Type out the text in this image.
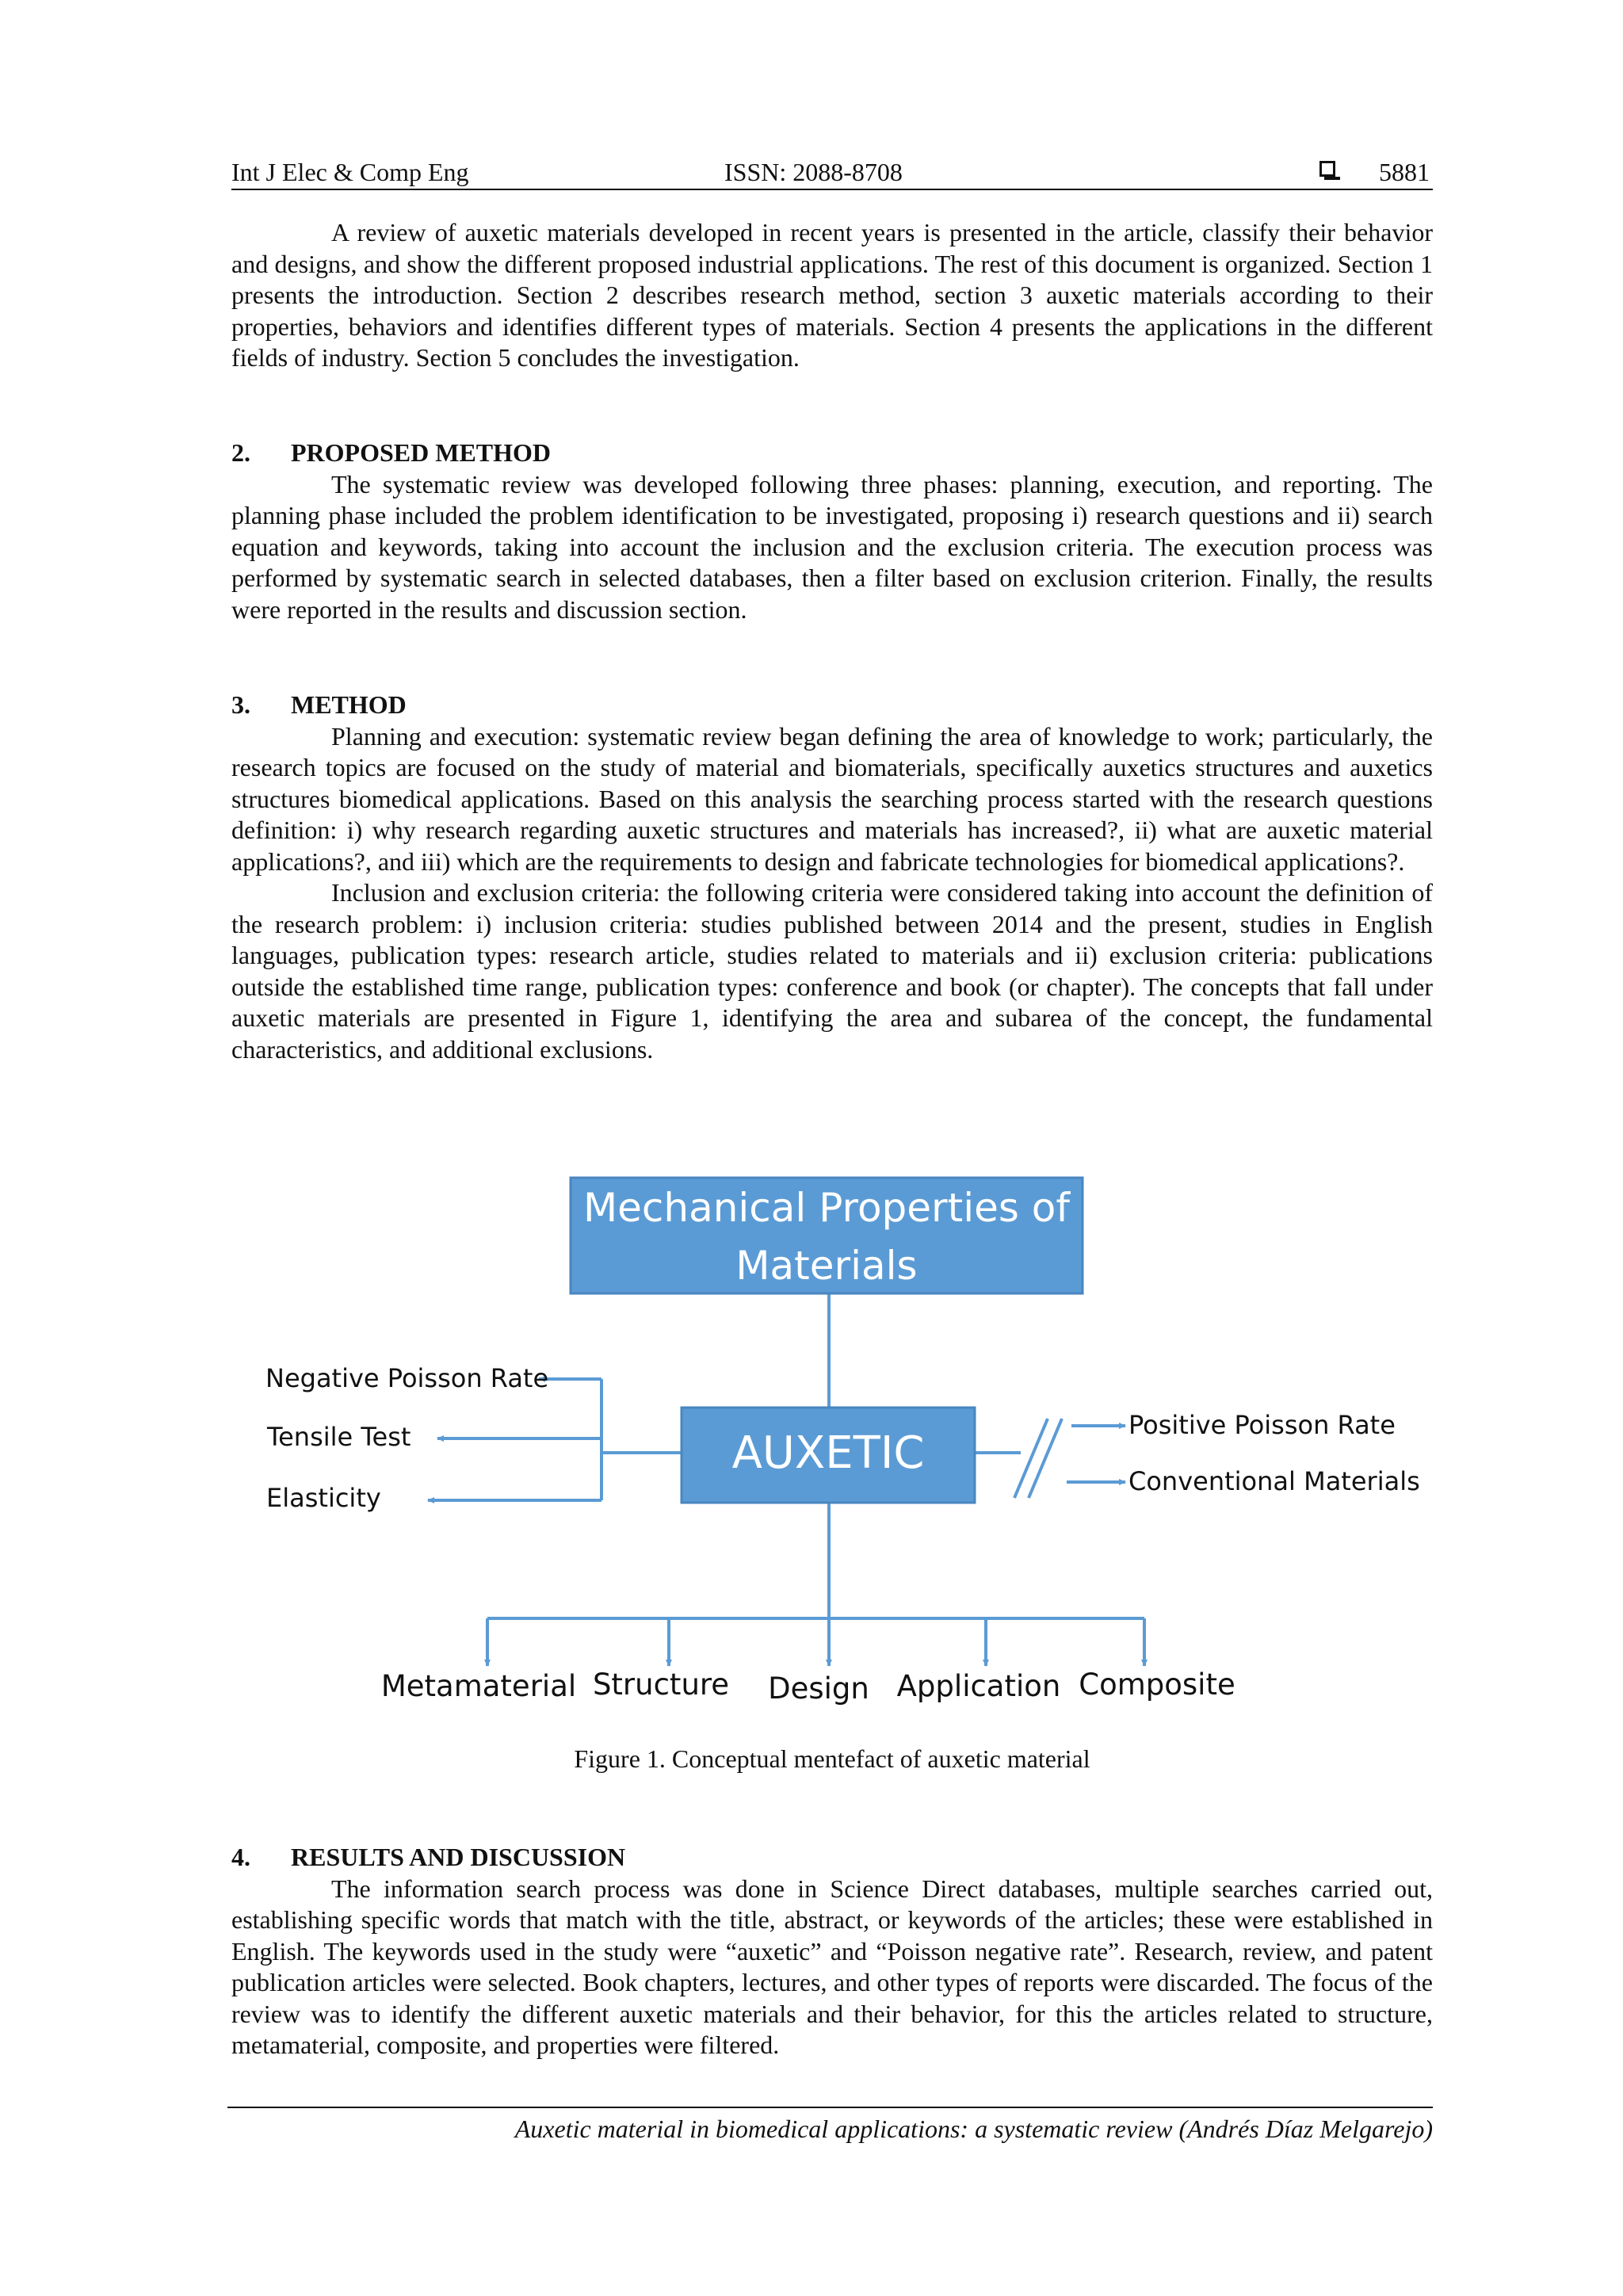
Int J Elec & Comp Eng	ISSN: 2088-8708	5881

A review of auxetic materials developed in recent years is presented in the article, classify their behavior and designs, and show the different proposed industrial applications. The rest of this document is organized. Section 1 presents the introduction. Section 2 describes research method, section 3 auxetic materials according to their properties, behaviors and identifies different types of materials. Section 4 presents the applications in the different fields of industry. Section 5 concludes the investigation.

2. PROPOSED METHOD

The systematic review was developed following three phases: planning, execution, and reporting. The planning phase included the problem identification to be investigated, proposing i) research questions and ii) search equation and keywords, taking into account the inclusion and the exclusion criteria. The execution process was performed by systematic search in selected databases, then a filter based on exclusion criterion. Finally, the results were reported in the results and discussion section.

3. METHOD

Planning and execution: systematic review began defining the area of knowledge to work; particularly, the research topics are focused on the study of material and biomaterials, specifically auxetics structures and auxetics structures biomedical applications. Based on this analysis the searching process started with the research questions definition: i) why research regarding auxetic structures and materials has increased?, ii) what are auxetic material applications?, and iii) which are the requirements to design and fabricate technologies for biomedical applications?.

Inclusion and exclusion criteria: the following criteria were considered taking into account the definition of the research problem: i) inclusion criteria: studies published between 2014 and the present, studies in English languages, publication types: research article, studies related to materials and ii) exclusion criteria: publications outside the established time range, publication types: conference and book (or chapter). The concepts that fall under auxetic materials are presented in Figure 1, identifying the area and subarea of the concept, the fundamental characteristics, and additional exclusions.

Mechanical Properties of
Materials
AUXETIC
Negative Poisson Rate
Tensile Test
Elasticity
Positive Poisson Rate
Conventional Materials
Metamaterial Structure Design Application Composite
Figure 1. Conceptual mentefact of auxetic material
4. RESULTS AND DISCUSSION

The information search process was done in Science Direct databases, multiple searches carried out, establishing specific words that match with the title, abstract, or keywords of the articles; these were established in English. The keywords used in the study were “auxetic” and “Poisson negative rate”. Research, review, and patent publication articles were selected. Book chapters, lectures, and other types of reports were discarded. The focus of the review was to identify the different auxetic materials and their behavior, for this the articles related to structure, metamaterial, composite, and properties were filtered.

Auxetic material in biomedical applications: a systematic review (Andrés Díaz Melgarejo)
